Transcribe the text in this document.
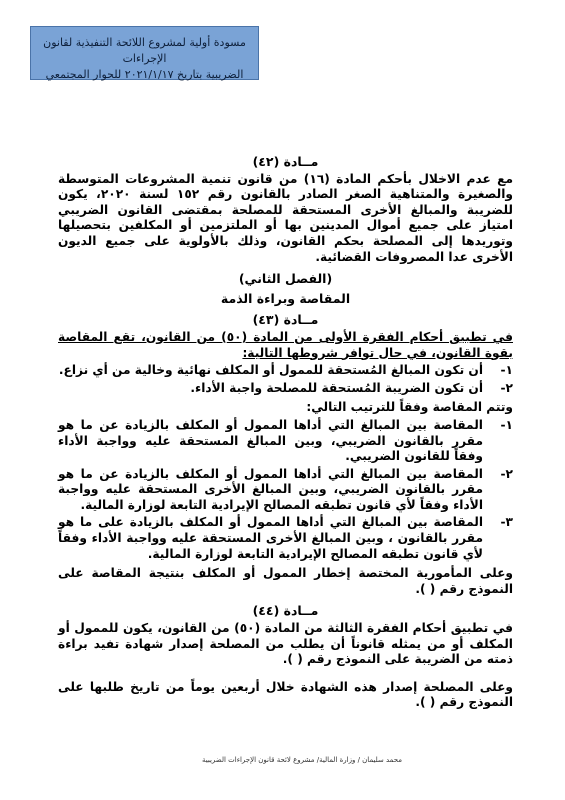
مسودة أولية لمشروع اللائحة التنفيذية لقانون الإجراءات
الضريبية بتاريخ ٢٠٢١/١/١٧ للحوار المجتمعي
مــادة (٤٢)

مع عدم الاخلال بأحكم المادة (١٦) من قانون تنمية المشروعات المتوسطة والصغيرة والمتناهية الصغر الصادر بالقانون رقم ١٥٢ لسنة ٢٠٢٠، يكون للضريبة والمبالغ الأخرى المستحقة للمصلحة بمقتضى القانون الضريبي امتياز على جميع أموال المدينين بها أو الملتزمين أو المكلفين بتحصيلها وتوريدها إلى المصلحة بحكم القانون، وذلك بالأولوية على جميع الديون الأخرى عدا المصروفات القضائية.

(الفصل الثاني)
المقاصة وبراءة الذمة
مــادة (٤٣)

في تطبيق أحكام الفقرة الأولى من المادة (٥٠) من القانون، تقع المقاصة بقوة القانون، في حال توافر شروطها التالية:

١-
أن تكون المبالغ المُستحقة للممول أو المكلف نهائية وخالية من أي نزاع.
٢-
أن تكون الضريبة المُستحقة للمصلحة واجبة الأداء.

وتتم المقاصة وفقاً للترتيب التالي:

١-
المقاصة بين المبالغ التي أداها الممول أو المكلف بالزيادة عن ما هو مقرر بالقانون الضريبي، وبين المبالغ المستحقة عليه وواجبة الأداء وفقاً للقانون الضريبي.
٢-
المقاصة بين المبالغ التي أداها الممول أو المكلف بالزيادة عن ما هو مقرر بالقانون الضريبي، وبين المبالغ الأخرى المستحقة عليه وواجبة الأداء وفقاً لأي قانون تطبقه المصالح الإيرادية التابعة لوزارة المالية.
٣-
المقاصة بين المبالغ التي أداها الممول أو المكلف بالزيادة على ما هو مقرر بالقانون ، وبين المبالغ الأخرى المستحقة عليه وواجبة الأداء وفقاً لأي قانون تطبقه المصالح الإيرادية التابعة لوزارة المالية.

وعلى المأمورية المختصة إخطار الممول أو المكلف بنتيجة المقاصة على النموذج رقم ( ).

مــادة (٤٤)

في تطبيق أحكام الفقرة الثالثة من المادة (٥٠) من القانون، يكون للممول أو المكلف أو من يمثله قانوناً أن يطلب من المصلحة إصدار شهادة تفيد براءة ذمته من الضريبة على النموذج رقم ( ).

وعلى المصلحة إصدار هذه الشهادة خلال أربعين يوماً من تاريخ طلبها على النموذج رقم ( ).

محمد سليمان / وزارة المالية/ مشروع لائحة قانون الإجراءات الضريبية
